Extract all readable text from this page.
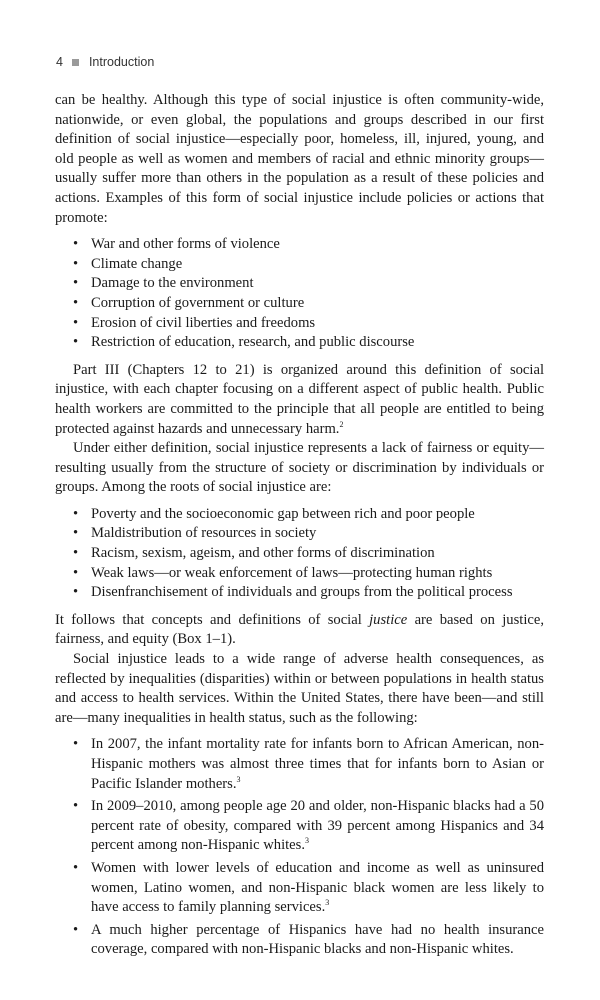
4 Introduction

can be healthy. Although this type of social injustice is often community-wide, nationwide, or even global, the populations and groups described in our first definition of social injustice—especially poor, homeless, ill, injured, young, and old people as well as women and members of racial and ethnic minority groups—usually suffer more than others in the population as a result of these policies and actions. Examples of this form of social injustice include policies or actions that promote:

• War and other forms of violence
• Climate change
• Damage to the environment
• Corruption of government or culture
• Erosion of civil liberties and freedoms
• Restriction of education, research, and public discourse

Part III (Chapters 12 to 21) is organized around this definition of social injustice, with each chapter focusing on a different aspect of public health. Public health workers are committed to the principle that all people are entitled to being protected against hazards and unnecessary harm.$^2$

Under either definition, social injustice represents a lack of fairness or equity—resulting usually from the structure of society or discrimination by individuals or groups. Among the roots of social injustice are:

• Poverty and the socioeconomic gap between rich and poor people
• Maldistribution of resources in society
• Racism, sexism, ageism, and other forms of discrimination
• Weak laws—or weak enforcement of laws—protecting human rights
• Disenfranchisement of individuals and groups from the political process

It follows that concepts and definitions of social justice are based on justice, fairness, and equity (Box 1–1).

Social injustice leads to a wide range of adverse health consequences, as reflected by inequalities (disparities) within or between populations in health status and access to health services. Within the United States, there have been—and still are—many inequalities in health status, such as the following:

• In 2007, the infant mortality rate for infants born to African American, non-Hispanic mothers was almost three times that for infants born to Asian or Pacific Islander mothers.$^3$
• In 2009–2010, among people age 20 and older, non-Hispanic blacks had a 50 percent rate of obesity, compared with 39 percent among Hispanics and 34 percent among non-Hispanic whites.$^3$
• Women with lower levels of education and income as well as uninsured women, Latino women, and non-Hispanic black women are less likely to have access to family planning services.$^3$
• A much higher percentage of Hispanics have had no health insurance coverage, compared with non-Hispanic blacks and non-Hispanic whites.
